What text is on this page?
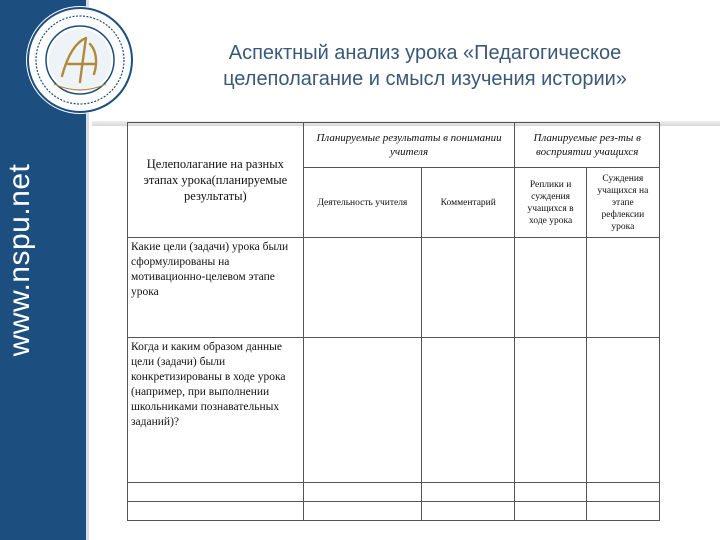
www.nspu.net
Аспектный анализ урока «Педагогическое
целеполагание и смысл изучения истории»
Целеполагание на разных этапах урока(планируемые результаты)	Планируемые результаты в понимании учителя		Планируемые рез-ты в восприятии учащихся	
	Деятельность учителя	Комментарий	Реплики и суждения учащихся в ходе урока	Суждения учащихся на этапе рефлексии урока
Какие цели (задачи) урока были сформулированы на мотивационно-целевом этапе урока				
Когда и каким образом данные цели (задачи) были конкретизированы в ходе урока (например, при выполнении школьниками познавательных заданий)?				
